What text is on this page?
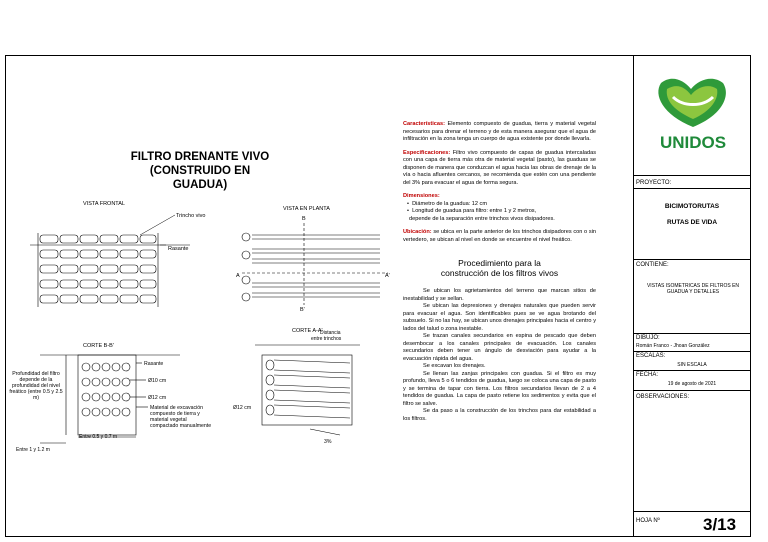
FILTRO DRENANTE VIVO
(CONSTRUIDO EN
GUADUA)
VISTA FRONTAL
Trincho vivo
Rasante
VISTA EN PLANTA
B
B'
A	A'
CORTE B-B'
Rasante
Ø10 cm
Ø12 cm
Entre 0.5 y 0.7 m
Entre 1 y 1.2 m
CORTE A-A'
Distancia
entre trinchos
Ø12 cm
3%
Profundidad del filtro depende de la profundidad del nivel freático (entre 0.5 y 2.5 m)
Material de excavación compuesto de tierra y material vegetal compactado manualmente
Características: Elemento compuesto de guadua, tierra y material vegetal necesarios para drenar el terreno y de esta manera asegurar que el agua de infiltración en la zona tenga un cuerpo de agua existente por donde llevarla.
Especificaciones: Filtro vivo compuesto de capas de guadua intercaladas con una capa de tierra más otra de material vegetal (pasto), las guaduas se disponen de manera que conduzcan el agua hacia las obras de drenaje de la vía o hacia afluentes cercanos, se recomienda que estén con una pendiente del 3% para evacuar el agua de forma segura.
Dimensiones:
•  Diámetro de la guadua: 12 cm
•  Longitud de guadua para filtro: entre 1 y 2 metros,
depende de la separación entre trinchos vivos disipadores.
Ubicación: se ubica en la parte anterior de los trinchos disipadores con o sin vertedero, se ubican al nivel en donde se encuentre el nivel freático.
Procedimiento para la
construcción de los filtros vivos
Se ubican los agrietamientos del terreno que marcan sitios de inestabilidad y se sellan.
Se ubican las depresiones y drenajes naturales que pueden servir para evacuar el agua. Son identificables pues se ve agua brotando del subsuelo. Si no las hay, se ubican unos drenajes principales hacia el centro y lados del talud o zona inestable.
Se trazan canales secundarios en espina de pescado que deben desembocar a los canales principales de evacuación. Los canales secundarios deben tener un ángulo de desviación para ayudar a la evacuación rápida del agua.
Se excavan los drenajes.
Se llenan las zanjas principales con guadua. Si el filtro es muy profundo, lleva 5 o 6 tendidos de guadua, luego se coloca una capa de pasto y se termina de tapar con tierra. Los filtros secundarios llevan de 2 a 4 tendidos de guadua. La capa de pasto retiene los sedimentos y evita que el filtro se salve.
Se da paso a la construcción de los trinchos para dar estabilidad a los filtros.
UNIDOS
PROYECTO:
BICIMOTORUTAS
RUTAS DE VIDA
CONTIENE:
VISTAS ISOMETRICAS DE FILTROS EN GUADUA Y DETALLES
DIBUJÓ:
Román Franco - Jhoan González
ESCALAS:
SIN ESCALA
FECHA:
19 de agosto de 2021
OBSERVACIONES:
HOJA Nº	3/13
